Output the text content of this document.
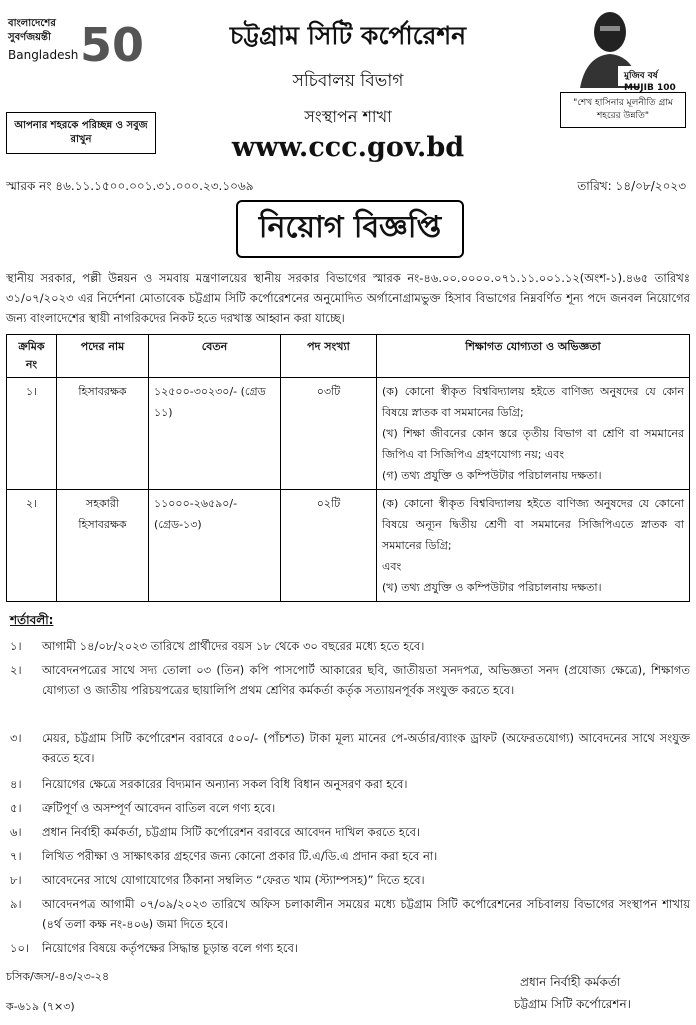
বাংলাদেশের
সুবর্ণজয়ন্তী
Bangladesh 50
আপনার শহরকে পরিচ্ছন্ন ও সবুজ রাখুন
চট্টগ্রাম সিটি কর্পোরেশন
সচিবালয় বিভাগ
সংস্থাপন শাখা
www.ccc.gov.bd
মুজিব বর্ষ MUJIB 100
"শেখ হাসিনার মূলনীতি গ্রাম শহরের উন্নতি"
স্মারক নং ৪৬.১১.১৫০০.০০১.৩১.০০০.২৩.১০৬৯	তারিখ: ১৪/০৮/২০২৩
নিয়োগ বিজ্ঞপ্তি
স্থানীয় সরকার, পল্লী উন্নয়ন ও সমবায় মন্ত্রণালয়ের স্থানীয় সরকার বিভাগের স্মারক নং-৪৬.০০.০০০০.০৭১.১১.০০১.১২(অংশ-১).৪৬৫ তারিখঃ ৩১/০৭/২০২৩ এর নির্দেশনা মোতাবেক চট্টগ্রাম সিটি কর্পোরেশনের অনুমোদিত অর্গানোগ্রামভুক্ত হিসাব বিভাগের নিম্নবর্ণিত শূন্য পদে জনবল নিয়োগের জন্য বাংলাদেশের স্থায়ী নাগরিকদের নিকট হতে দরখাস্ত আহ্বান করা যাচ্ছে।
ক্রমিক নং	পদের নাম	বেতন	পদ সংখ্যা	শিক্ষাগত যোগ্যতা ও অভিজ্ঞতা
১।	হিসাবরক্ষক	১২৫০০-৩০২৩০/- (গ্রেড ১১)	০৩টি	(ক) কোনো স্বীকৃত বিশ্ববিদ্যালয় হইতে বাণিজ্য অনুষদের যে কোন বিষয়ে স্নাতক বা সমমানের ডিগ্রি;
(খ) শিক্ষা জীবনের কোন স্তরে তৃতীয় বিভাগ বা শ্রেণি বা সমমানের জিপিএ বা সিজিপিএ গ্রহণযোগ্য নয়; এবং
(গ) তথ্য প্রযুক্তি ও কম্পিউটার পরিচালনায় দক্ষতা।

২।	সহকারী হিসাবরক্ষক	১১০০০-২৬৫৯০/- (গ্রেড-১৩)	০২টি	(ক) কোনো স্বীকৃত বিশ্ববিদ্যালয় হইতে বাণিজ্য অনুষদের যে কোনো বিষয়ে অন্যূন দ্বিতীয় শ্রেণী বা সমমানের সিজিপিএতে স্নাতক বা সমমানের ডিগ্রি;
এবং
(খ) তথ্য প্রযুক্তি ও কম্পিউটার পরিচালনায় দক্ষতা।
শর্তাবলী:
১। আগামী ১৪/০৮/২০২৩ তারিখে প্রার্থীদের বয়স ১৮ থেকে ৩০ বছরের মধ্যে হতে হবে।
২। আবেদনপত্রের সাথে সদ্য তোলা ০৩ (তিন) কপি পাসপোর্ট আকারের ছবি, জাতীয়তা সনদপত্র, অভিজ্ঞতা সনদ (প্রযোজ্য ক্ষেত্রে), শিক্ষাগত যোগ্যতা ও জাতীয় পরিচয়পত্রের ছায়ালিপি প্রথম শ্রেণির কর্মকর্তা কর্তৃক সত্যায়নপূর্বক সংযুক্ত করতে হবে।
৩। মেয়র, চট্টগ্রাম সিটি কর্পোরেশন বরাবরে ৫০০/- (পাঁচশত) টাকা মূল্য মানের পে-অর্ডার/ব্যাংক ড্রাফট (অফেরতযোগ্য) আবেদনের সাথে সংযুক্ত করতে হবে।
৪। নিয়োগের ক্ষেত্রে সরকারের বিদ্যমান অন্যান্য সকল বিধি বিধান অনুসরণ করা হবে।
৫। ত্রুটিপূর্ণ ও অসম্পূর্ণ আবেদন বাতিল বলে গণ্য হবে।
৬। প্রধান নির্বাহী কর্মকর্তা, চট্টগ্রাম সিটি কর্পোরেশন বরাবরে আবেদন দাখিল করতে হবে।
৭। লিখিত পরীক্ষা ও সাক্ষাৎকার গ্রহণের জন্য কোনো প্রকার টি.এ/ডি.এ প্রদান করা হবে না।
৮। আবেদনের সাথে যোগাযোগের ঠিকানা সম্বলিত “ফেরত খাম (স্ট্যাম্পসহ)” দিতে হবে।
৯। আবেদনপত্র আগামী ০৭/০৯/২০২৩ তারিখে অফিস চলাকালীন সময়ের মধ্যে চট্টগ্রাম সিটি কর্পোরেশনের সচিবালয় বিভাগের সংস্থাপন শাখায় (৪র্থ তলা কক্ষ নং-৪০৬) জমা দিতে হবে।
১০। নিয়োগের বিষয়ে কর্তৃপক্ষের সিদ্ধান্ত চূড়ান্ত বলে গণ্য হবে।
চসিক/জস/-৪৩/২৩-২৪
ক-৬১৯ (৭×৩)
প্রধান নির্বাহী কর্মকর্তা
চট্টগ্রাম সিটি কর্পোরেশন।
